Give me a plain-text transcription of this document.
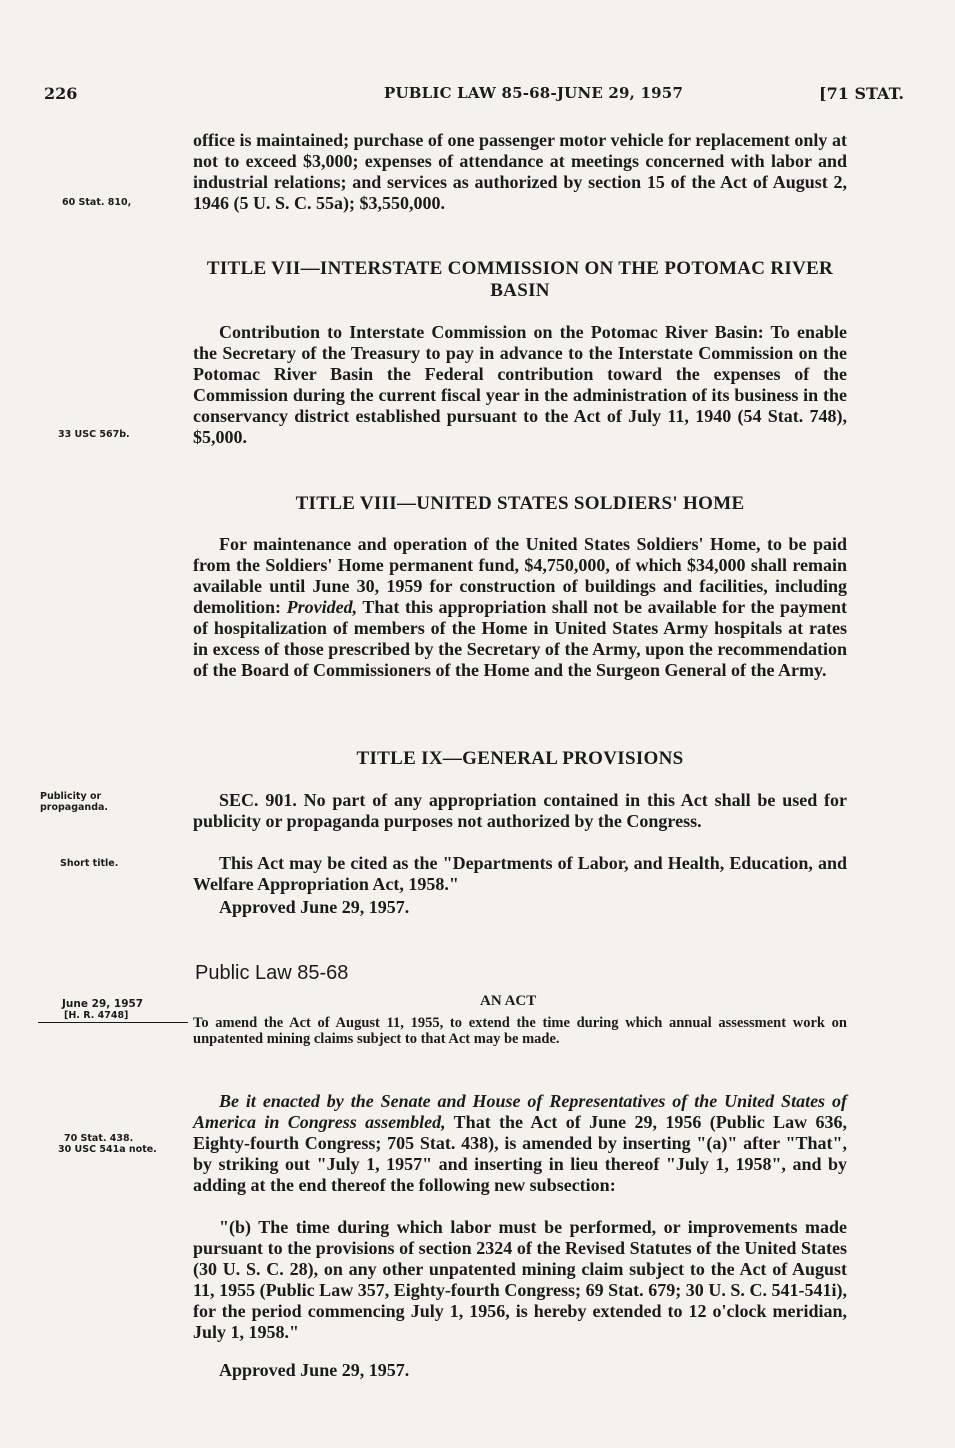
226	PUBLIC LAW 85-68-JUNE 29, 1957	[71 STAT.
office is maintained; purchase of one passenger motor vehicle for replacement only at not to exceed $3,000; expenses of attendance at meetings concerned with labor and industrial relations; and services as authorized by section 15 of the Act of August 2, 1946 (5 U. S. C. 55a); $3,550,000.
60 Stat. 810,
TITLE VII—INTERSTATE COMMISSION ON THE POTOMAC RIVER BASIN
Contribution to Interstate Commission on the Potomac River Basin: To enable the Secretary of the Treasury to pay in advance to the Interstate Commission on the Potomac River Basin the Federal contribution toward the expenses of the Commission during the current fiscal year in the administration of its business in the conservancy district established pursuant to the Act of July 11, 1940 (54 Stat. 748), $5,000.
33 USC 567b.
TITLE VIII—UNITED STATES SOLDIERS' HOME
For maintenance and operation of the United States Soldiers' Home, to be paid from the Soldiers' Home permanent fund, $4,750,000, of which $34,000 shall remain available until June 30, 1959 for construction of buildings and facilities, including demolition: Provided, That this appropriation shall not be available for the payment of hospitalization of members of the Home in United States Army hospitals at rates in excess of those prescribed by the Secretary of the Army, upon the recommendation of the Board of Commissioners of the Home and the Surgeon General of the Army.
TITLE IX—GENERAL PROVISIONS
SEC. 901. No part of any appropriation contained in this Act shall be used for publicity or propaganda purposes not authorized by the Congress.
Publicity or propaganda.
This Act may be cited as the "Departments of Labor, and Health, Education, and Welfare Appropriation Act, 1958."
Short title.
Approved June 29, 1957.
Public Law 85-68
June 29, 1957
[H. R. 4748]
AN ACT
To amend the Act of August 11, 1955, to extend the time during which annual assessment work on unpatented mining claims subject to that Act may be made.
Be it enacted by the Senate and House of Representatives of the United States of America in Congress assembled, That the Act of June 29, 1956 (Public Law 636, Eighty-fourth Congress; 705 Stat. 438), is amended by inserting "(a)" after "That", by striking out "July 1, 1957" and inserting in lieu thereof "July 1, 1958", and by adding at the end thereof the following new subsection:
70 Stat. 438.
30 USC 541a note.
"(b) The time during which labor must be performed, or improvements made pursuant to the provisions of section 2324 of the Revised Statutes of the United States (30 U. S. C. 28), on any other unpatented mining claim subject to the Act of August 11, 1955 (Public Law 357, Eighty-fourth Congress; 69 Stat. 679; 30 U. S. C. 541-541i), for the period commencing July 1, 1956, is hereby extended to 12 o'clock meridian, July 1, 1958."
Approved June 29, 1957.
